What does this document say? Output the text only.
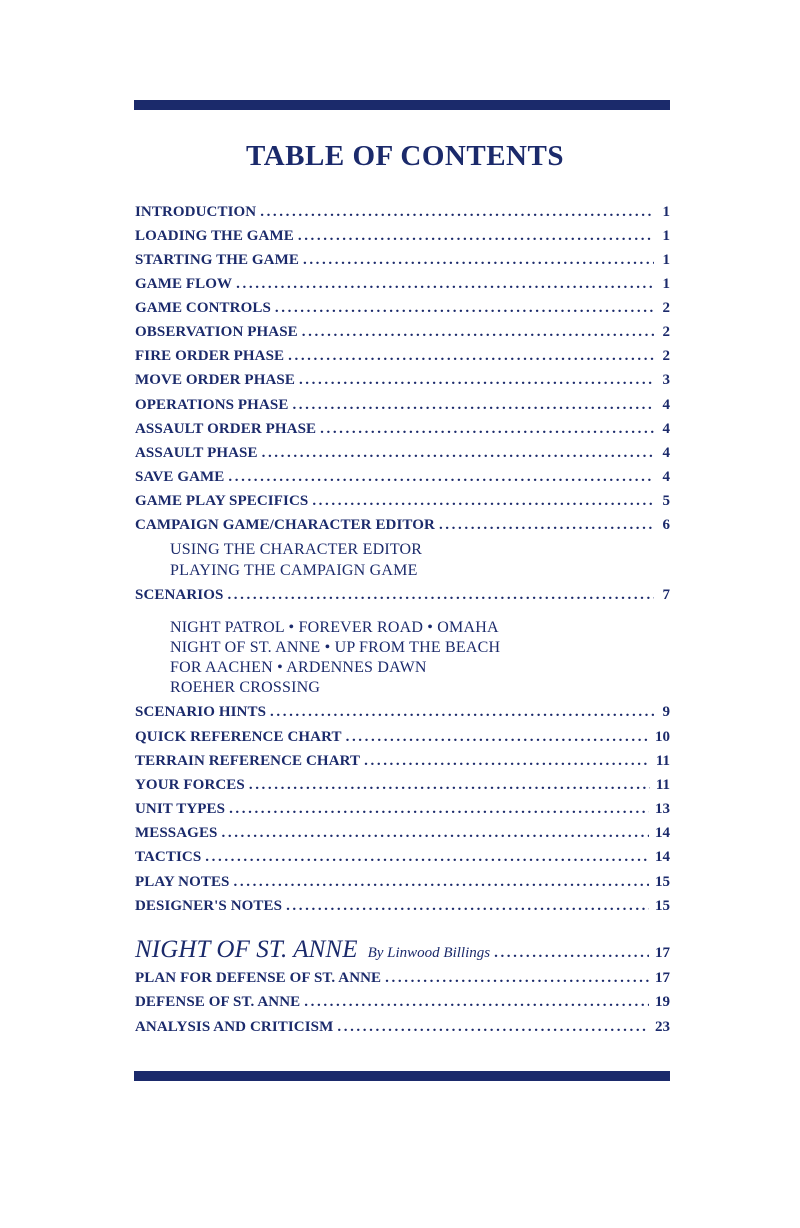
TABLE OF CONTENTS
INTRODUCTION .....	1
LOADING THE GAME .....	1
STARTING THE GAME .....	1
GAME FLOW .....	1
GAME CONTROLS .....	2
OBSERVATION PHASE .....	2
FIRE ORDER PHASE .....	2
MOVE ORDER PHASE .....	3
OPERATIONS PHASE .....	4
ASSAULT ORDER PHASE .....	4
ASSAULT PHASE .....	4
SAVE GAME .....	4
GAME PLAY SPECIFICS .....	5
CAMPAIGN GAME/CHARACTER EDITOR .....	6
USING THE CHARACTER EDITOR
PLAYING THE CAMPAIGN GAME
SCENARIOS .....	7
NIGHT PATROL • FOREVER ROAD • OMAHA
NIGHT OF ST. ANNE • UP FROM THE BEACH
FOR AACHEN • ARDENNES DAWN
ROEHER CROSSING
SCENARIO HINTS .....	9
QUICK REFERENCE CHART .....	10
TERRAIN REFERENCE CHART .....	11
YOUR FORCES .....	11
UNIT TYPES .....	13
MESSAGES .....	14
TACTICS .....	14
PLAY NOTES .....	15
DESIGNER'S NOTES .....	15
NIGHT OF ST. ANNE By Linwood Billings .....	17
PLAN FOR DEFENSE OF ST. ANNE .....	17
DEFENSE OF ST. ANNE .....	19
ANALYSIS AND CRITICISM .....	23
